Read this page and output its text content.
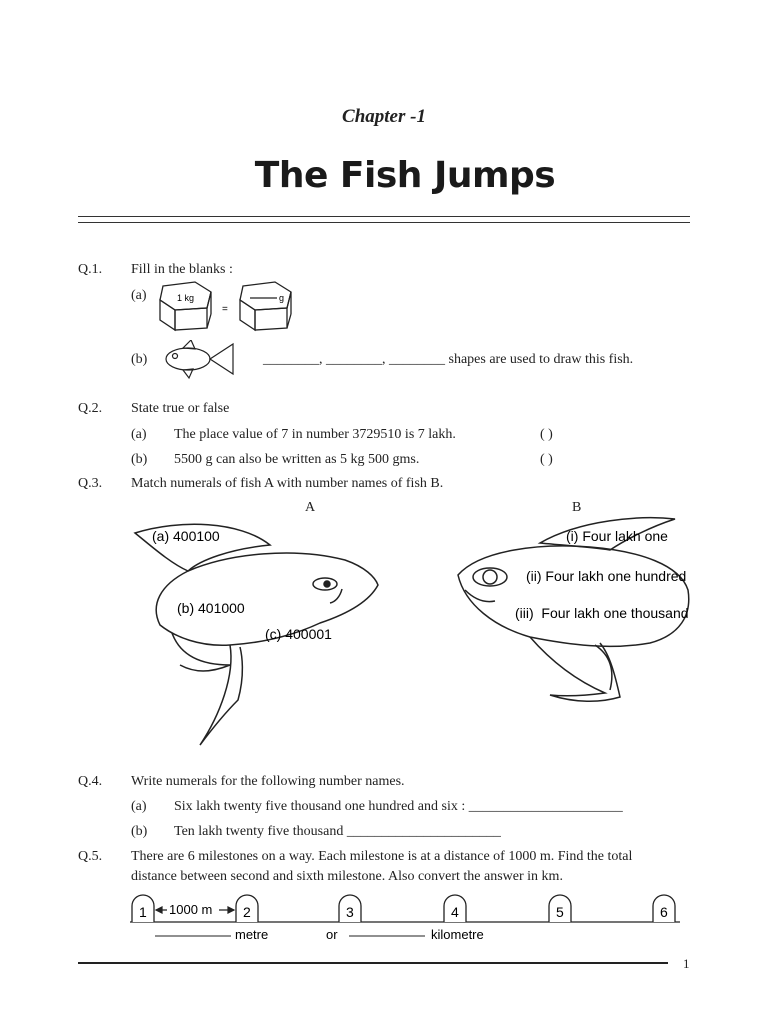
Chapter -1
The Fish Jumps
Q.1. Fill in the blanks :
(a)	1 kg
=
g
(b)	________, ________, ________ shapes are used to draw this fish.
Q.2. State true or false
(a) The place value of 7 in number 3729510 is 7 lakh.	( )
(b) 5500 g can also be written as 5 kg 500 gms.	( )
Q.3. Match numerals of fish A with number names of fish B.
A	B
(a) 400100
(b) 401000
(c) 400001
(i) Four lakh one
(ii) Four lakh one hundred
(iii)  Four lakh one thousand
Q.4. Write numerals for the following number names.
(a) Six lakh twenty five thousand one hundred and six : ______________________
(b) Ten lakh twenty five thousand ______________________
Q.5. There are 6 milestones on a way. Each milestone is at a distance of 1000 m. Find the total
distance between second and sixth milestone. Also convert the answer in km.
1	2	3	4	5	6
1000 m
metre	or	kilometre
1
